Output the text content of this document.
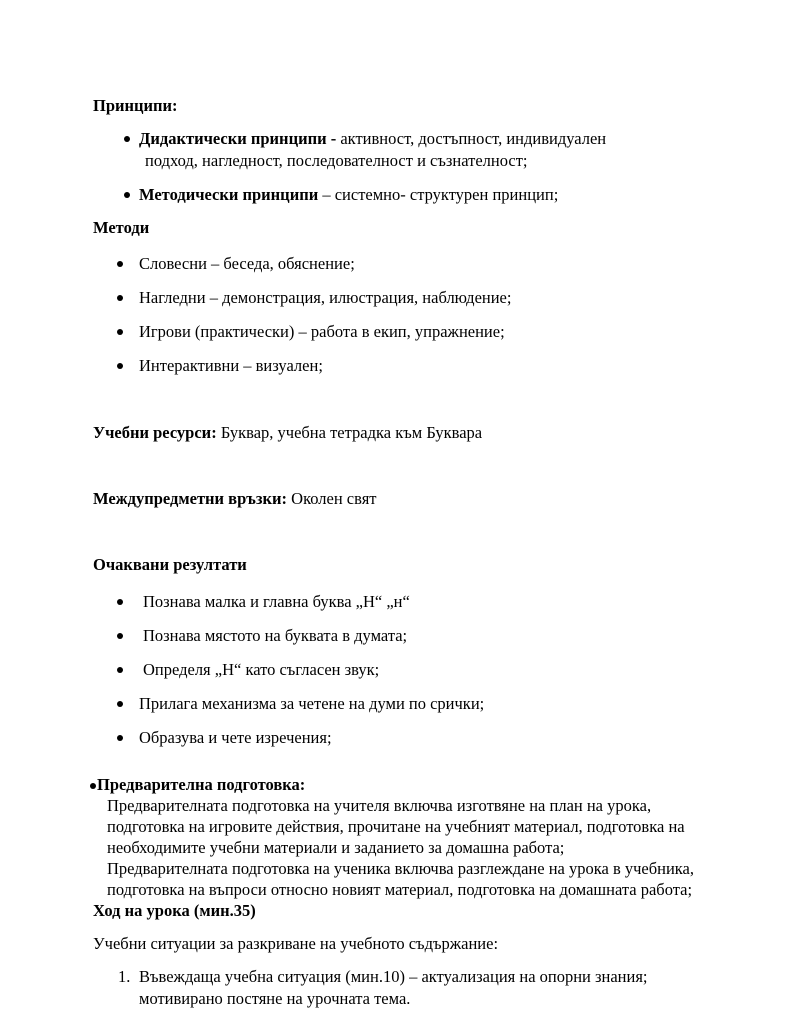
Принципи:
Дидактически принципи - активност, достъпност, индивидуален
подход, нагледност, последователност и съзнателност;
Методически принципи – системно- структурен принцип;
Методи
Словесни – беседа, обяснение;
Нагледни – демонстрация, илюстрация, наблюдение;
Игрови (практически) – работа в екип, упражнение;
Интерактивни – визуален;
Учебни ресурси: Буквар, учебна тетрадка към Буквара
Междупредметни връзки: Околен свят
Очаквани резултати
Познава малка и главна буква „Н“ „н“
Познава мястото на буквата в думата;
Определя „Н“ като съгласен звук;
Прилага механизма за четене на думи по срички;
Образува и чете изречения;
Предварителна подготовка:
Предварителната подготовка на учителя включва изготвяне на план на урока,
подготовка на игровите действия, прочитане на учебният материал, подготовка на
необходимите учебни материали и заданието за домашна работа;
Предварителната подготовка на ученика включва разглеждане на урока в учебника,
подготовка на въпроси относно новият материал, подготовка на домашната работа;
Ход на урока (мин.35)
Учебни ситуации за разкриване на учебното съдържание:
1. Въвеждаща учебна ситуация (мин.10) – актуализация на опорни знания;
мотивирано постяне на урочната тема.
